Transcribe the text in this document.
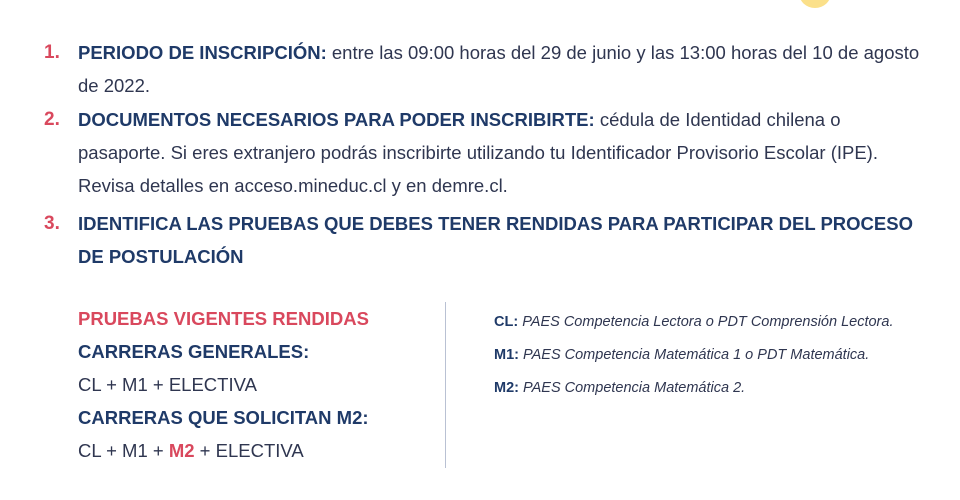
1. PERIODO DE INSCRIPCIÓN: entre las 09:00 horas del 29 de junio y las 13:00 horas del 10 de agosto de 2022.
2. DOCUMENTOS NECESARIOS PARA PODER INSCRIBIRTE: cédula de Identidad chilena o pasaporte. Si eres extranjero podrás inscribirte utilizando tu Identificador Provisorio Escolar (IPE). Revisa detalles en acceso.mineduc.cl y en demre.cl.
3. IDENTIFICA LAS PRUEBAS QUE DEBES TENER RENDIDAS PARA PARTICIPAR DEL PROCESO DE POSTULACIÓN
PRUEBAS VIGENTES RENDIDAS
CARRERAS GENERALES:
CL + M1 + ELECTIVA
CARRERAS QUE SOLICITAN M2:
CL + M1 + M2 + ELECTIVA
CL: PAES Competencia Lectora o PDT Comprensión Lectora.
M1: PAES Competencia Matemática 1 o PDT Matemática.
M2: PAES Competencia Matemática 2.
